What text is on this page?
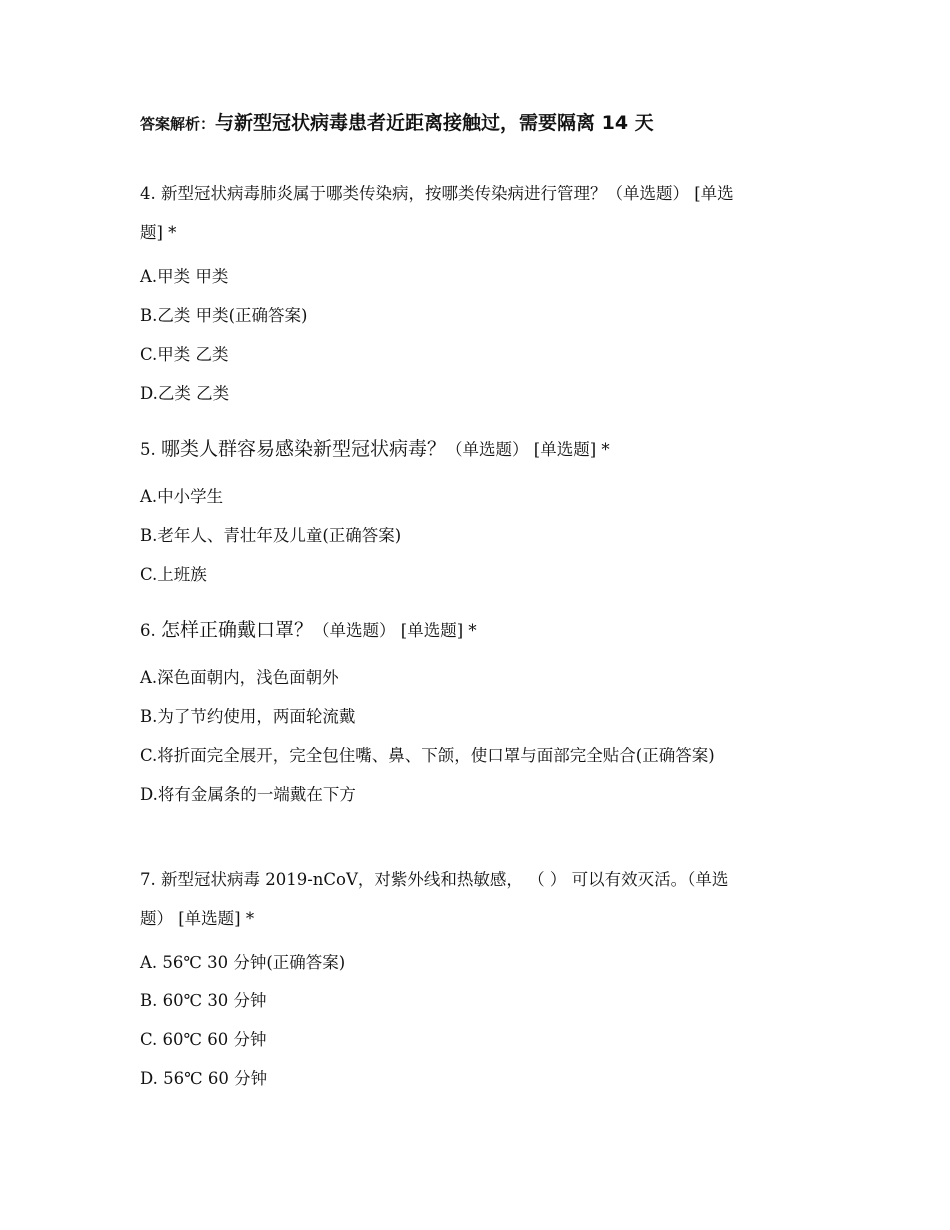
答案解析：与新型冠状病毒患者近距离接触过，需要隔离 14 天
4. 新型冠状病毒肺炎属于哪类传染病，按哪类传染病进行管理？（单选题） [单选
题] *
A.甲类 甲类
B.乙类 甲类(正确答案)
C.甲类 乙类
D.乙类 乙类
5. 哪类人群容易感染新型冠状病毒？（单选题） [单选题] *
A.中小学生
B.老年人、青壮年及儿童(正确答案)
C.上班族
6. 怎样正确戴口罩？（单选题） [单选题] *
A.深色面朝内，浅色面朝外
B.为了节约使用，两面轮流戴
C.将折面完全展开，完全包住嘴、鼻、下颌，使口罩与面部完全贴合(正确答案)
D.将有金属条的一端戴在下方
7. 新型冠状病毒 2019-nCoV，对紫外线和热敏感， （ ） 可以有效灭活。（单选
题） [单选题] *
A. 56℃ 30 分钟(正确答案)
B. 60℃ 30 分钟
C. 60℃ 60 分钟
D. 56℃ 60 分钟
